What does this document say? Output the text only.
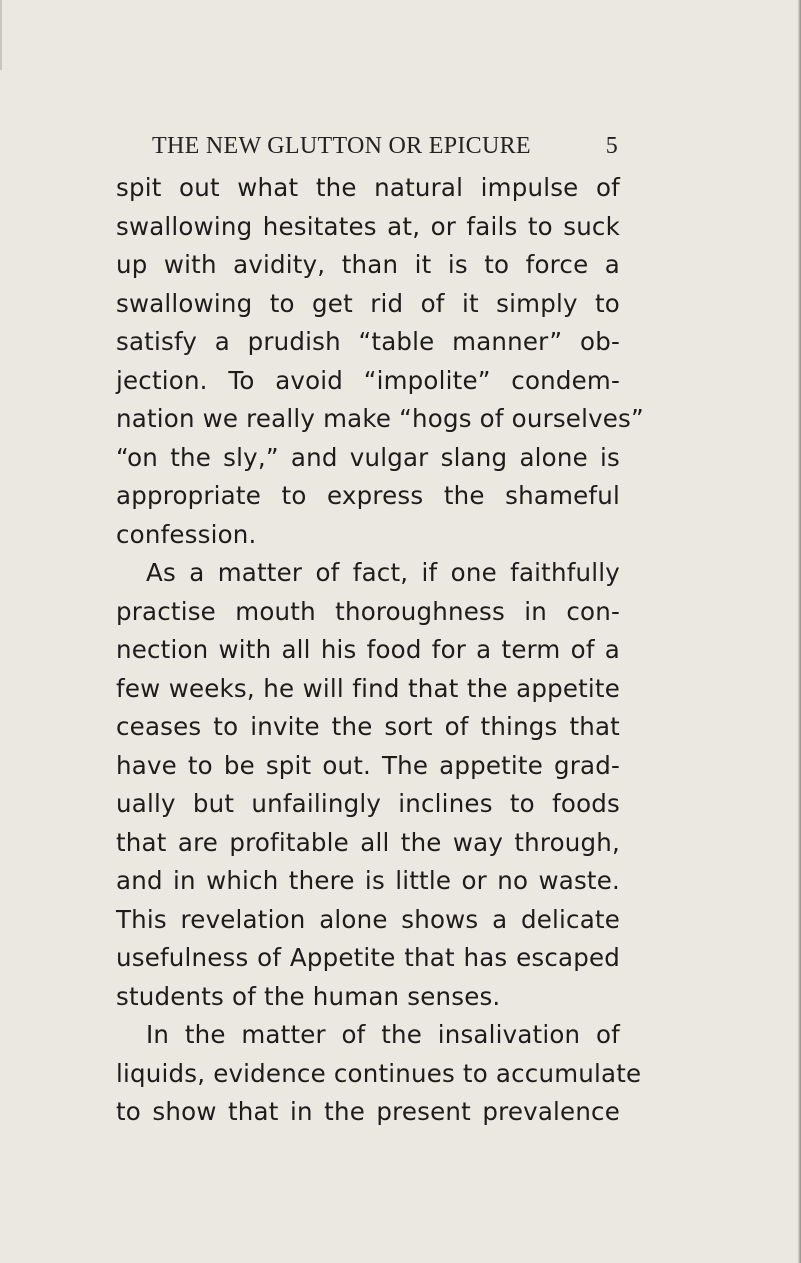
THE NEW GLUTTON OR EPICURE	5
spit out what the natural impulse of
swallowing hesitates at, or fails to suck
up with avidity, than it is to force a
swallowing to get rid of it simply to
satisfy a prudish “table manner” ob-
jection. To avoid “impolite” condem-
nation we really make “hogs of ourselves”
“on the sly,” and vulgar slang alone is
appropriate to express the shameful
confession.
As a matter of fact, if one faithfully
practise mouth thoroughness in con-
nection with all his food for a term of a
few weeks, he will find that the appetite
ceases to invite the sort of things that
have to be spit out. The appetite grad-
ually but unfailingly inclines to foods
that are profitable all the way through,
and in which there is little or no waste.
This revelation alone shows a delicate
usefulness of Appetite that has escaped
students of the human senses.
In the matter of the insalivation of
liquids, evidence continues to accumulate
to show that in the present prevalence
